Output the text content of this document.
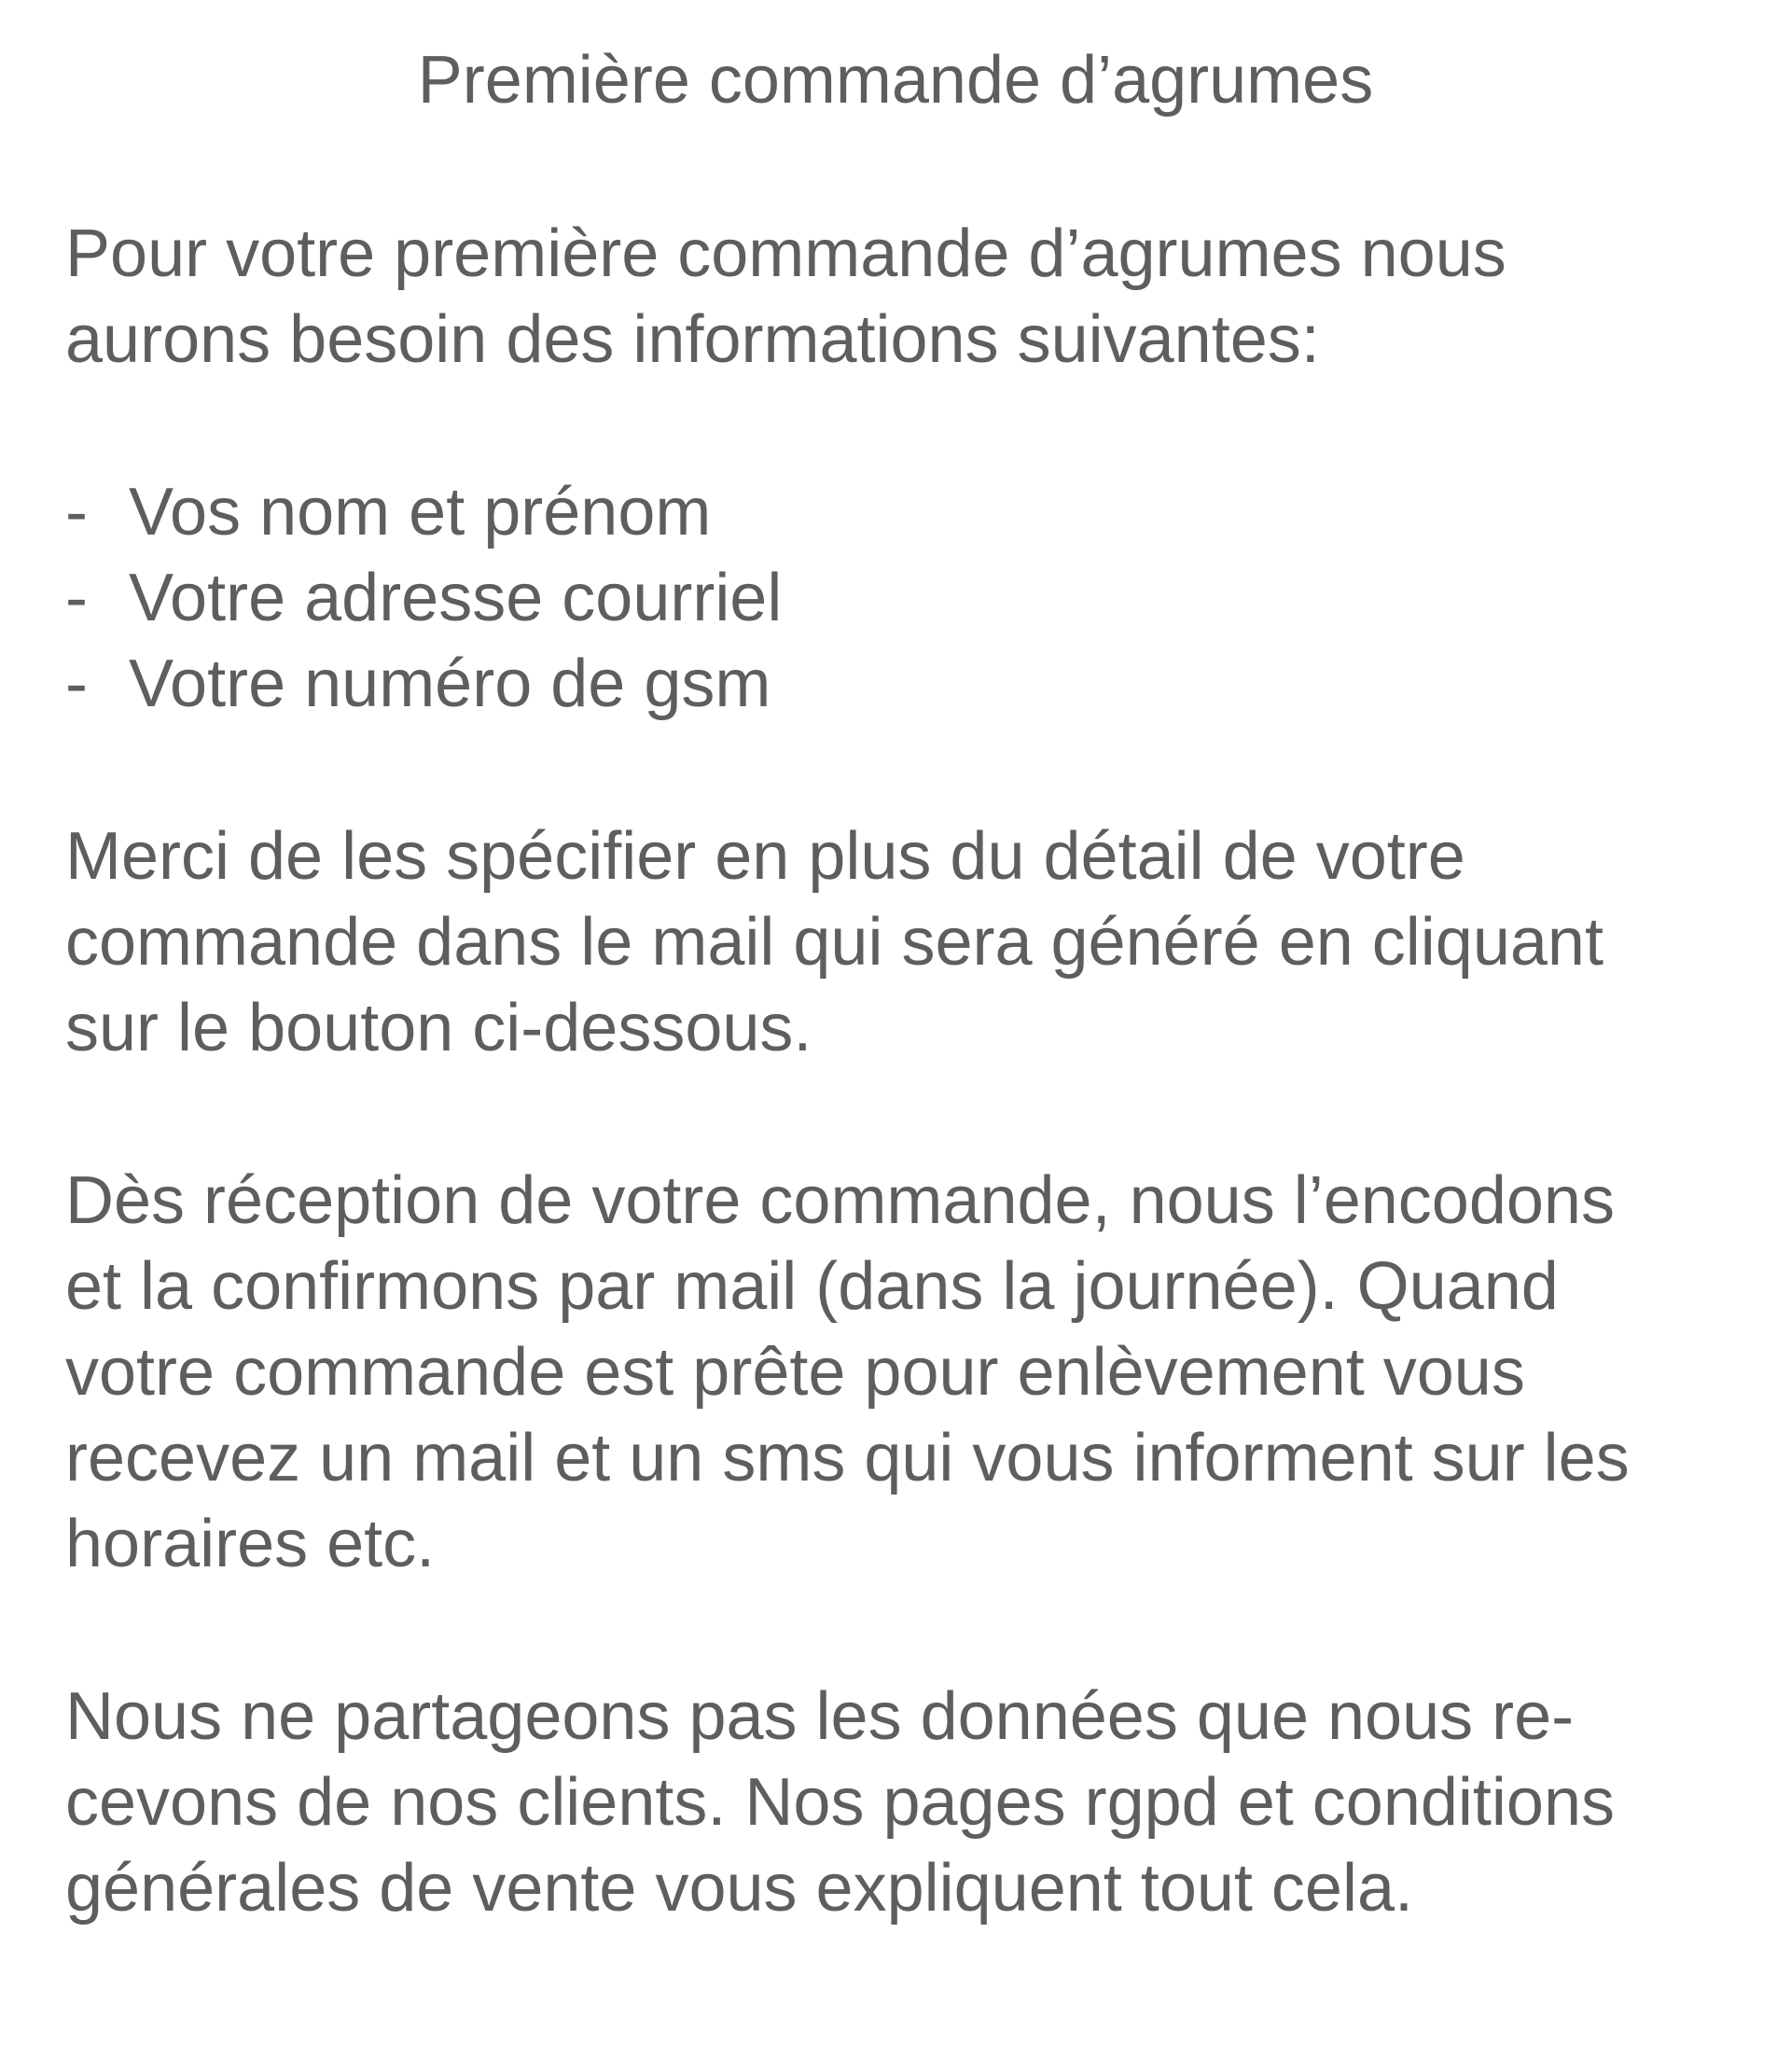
Première commande d’agrumes

Pour votre première commande d’agrumes nous

aurons besoin des informations suivantes:

- Vos nom et prénom

- Votre adresse courriel

- Votre numéro de gsm

Merci de les spécifier en plus du détail de votre

commande dans le mail qui sera généré en cliquant

sur le bouton ci-dessous.

Dès réception de votre commande, nous l’encodons

et la confirmons par mail (dans la journée). Quand

votre commande est prête pour enlèvement vous

recevez un mail et un sms qui vous informent sur les

horaires etc.

Nous ne partageons pas les données que nous re-

cevons de nos clients. Nos pages rgpd et conditions

générales de vente vous expliquent tout cela.
